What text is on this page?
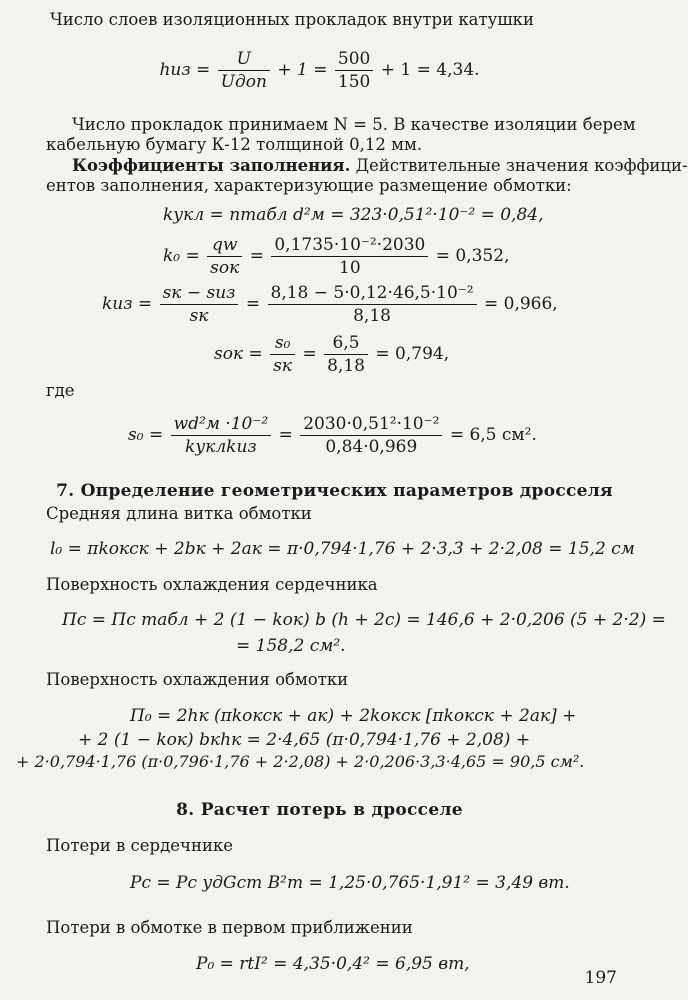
Число слоев изоляционных прокладок внутри катушки
hиз = $\frac{U}{\text{Uдоп}} + 1 = \frac{500}{150} + 1 = 4,34$.
Число прокладок принимаем N = 5. В качестве изоляции берем
кабельную бумагу К-12 толщиной 0,12 мм.
Коэффициенты заполнения. Действительные значения коэффици-
ентов заполнения, характеризующие размещение обмотки:
kукл = nтабл d²м = 323·0,51²·10⁻² = 0,84,
$k_0 = \frac{qw}{\text{sок}} = \frac{\text{0,1735·10⁻²·2030}}{10} = 0,352$,
kиз = $\frac{\text{sк − sиз}}{sк} = \frac{\text{8,18 − 5·0,12·46,5·10⁻²}}{8,18} = 0,966$,
sок = $\frac{\text{s₀}}{sк} = \frac{6,5}{8,18} = 0,794$,
где
$s_0 = \frac{\text{wd²м ·10⁻²}}{\text{kуклkиз}} = \frac{\text{2030·0,51²·10⁻²}}{0,84\cdot 0,969} = 6,5$ см².
7. Определение геометрических параметров дросселя
Средняя длина витка обмотки
l₀ = πkокcк + 2bк + 2aк = π·0,794·1,76 + 2·3,3 + 2·2,08 = 15,2 см
Поверхность охлаждения сердечника
Пс = Пс табл + 2 (1 − kок) b (h + 2c) = 146,6 + 2·0,206 (5 + 2·2) =
= 158,2 см².
Поверхность охлаждения обмотки
П₀ = 2hк (πkокcк + aк) + 2kокcк [πkокcк + 2aк] +
+ 2 (1 − kок) bкhк = 2·4,65 (π·0,794·1,76 + 2,08) +
+ 2·0,794·1,76 (π·0,796·1,76 + 2·2,08) + 2·0,206·3,3·4,65 = 90,5 см².
8. Расчет потерь в дросселе
Потери в сердечнике
Pс = Pс удGст B²m = 1,25·0,765·1,91² = 3,49 вт.
Потери в обмотке в первом приближении
P₀ = rtI² = 4,35·0,4² = 6,95 вт,
197
